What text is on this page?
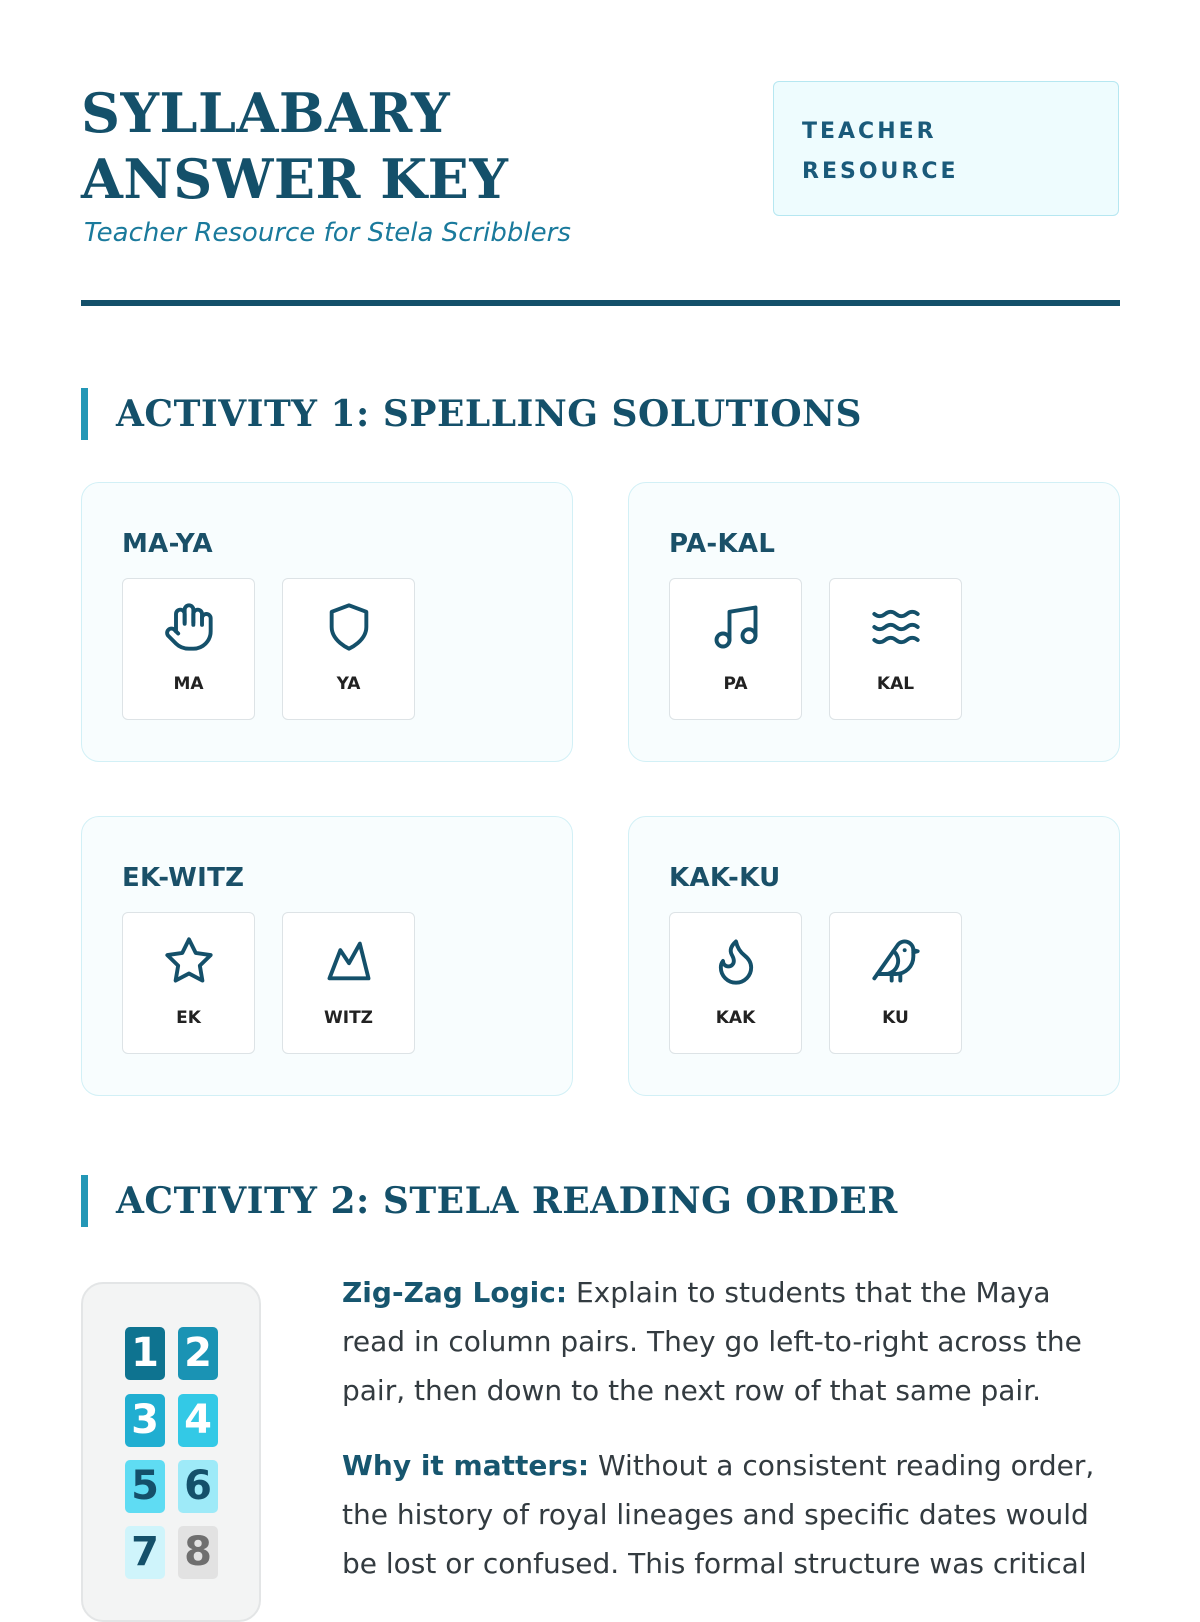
SYLLABARY ANSWER KEY

Teacher Resource for Stela Scribblers

TEACHER RESOURCE
ACTIVITY 1: SPELLING SOLUTIONS
MA-YA
MA	YA
PA-KAL
PA	KAL
EK-WITZ
EK	WITZ
KAK-KU
KAK	KU
ACTIVITY 2: STELA READING ORDER
1 2
3 4
5 6
7 8

Zig-Zag Logic: Explain to students that the Maya read in column pairs. They go left-to-right across the pair, then down to the next row of that same pair.

Why it matters: Without a consistent reading order, the history of royal lineages and specific dates would be lost or confused. This formal structure was critical
